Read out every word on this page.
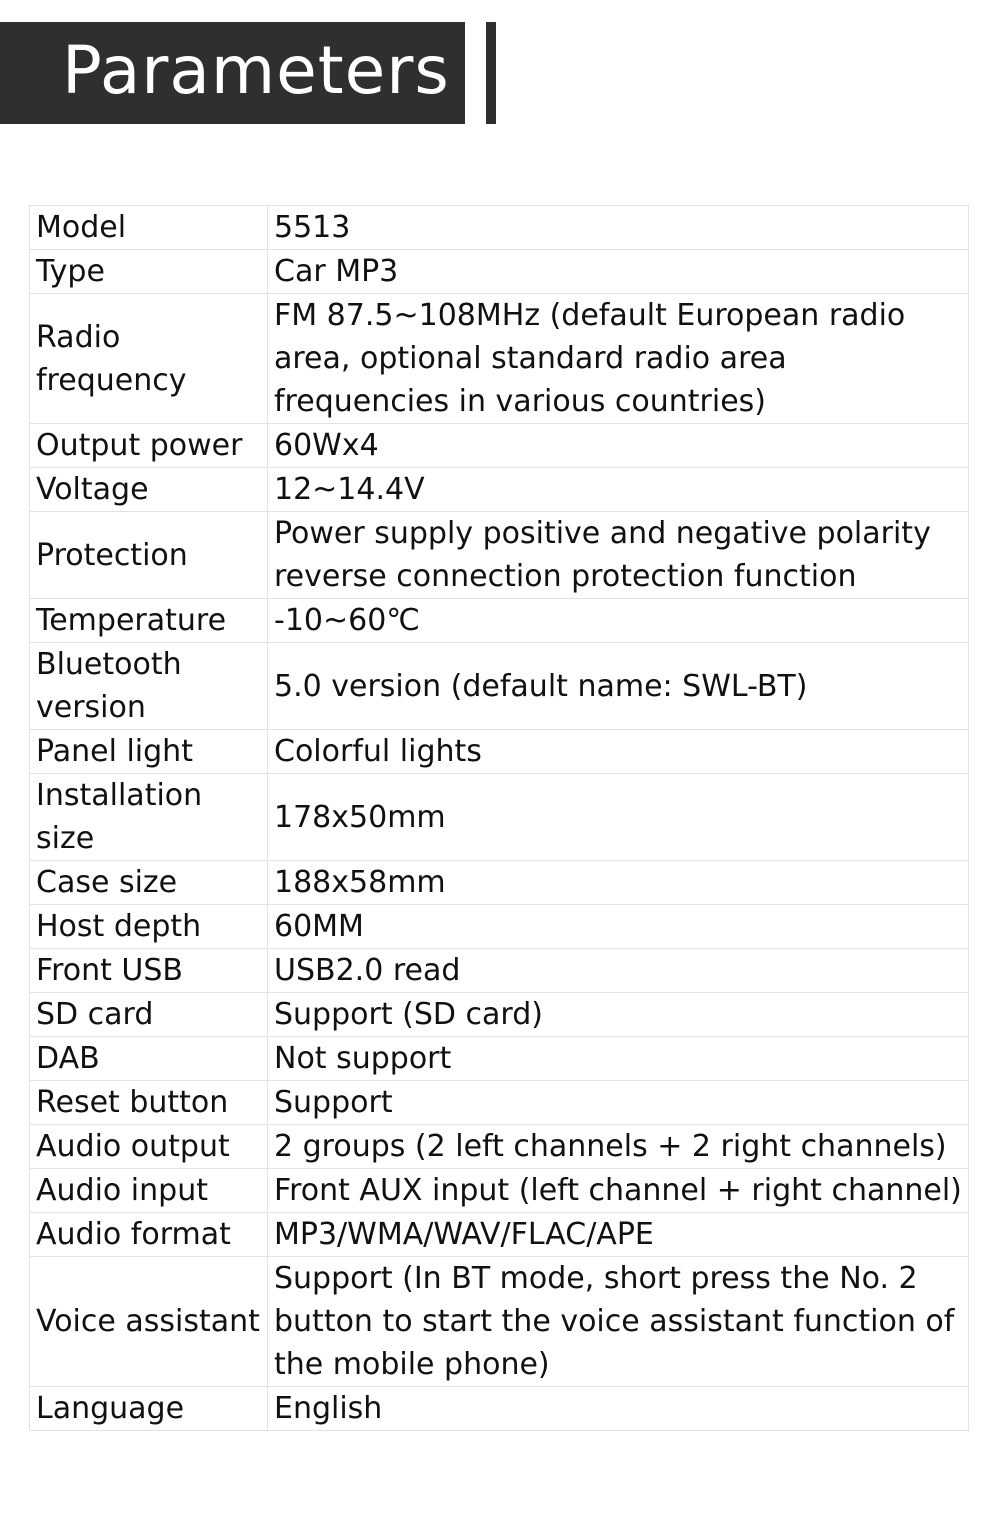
Parameters
Model	5513
Type	Car MP3
Radio frequency	FM 87.5~108MHz (default European radio area, optional standard radio area frequencies in various countries)
Output power	60Wx4
Voltage	12~14.4V
Protection	Power supply positive and negative polarity reverse connection protection function
Temperature	-10~60℃
Bluetooth version	5.0 version (default name: SWL-BT)
Panel light	Colorful lights
Installation size	178x50mm
Case size	188x58mm
Host depth	60MM
Front USB	USB2.0 read
SD card	Support (SD card)
DAB	Not support
Reset button	Support
Audio output	2 groups (2 left channels + 2 right channels)
Audio input	Front AUX input (left channel + right channel)
Audio format	MP3/WMA/WAV/FLAC/APE
Voice assistant	Support (In BT mode, short press the No. 2 button to start the voice assistant function of the mobile phone)
Language	English
